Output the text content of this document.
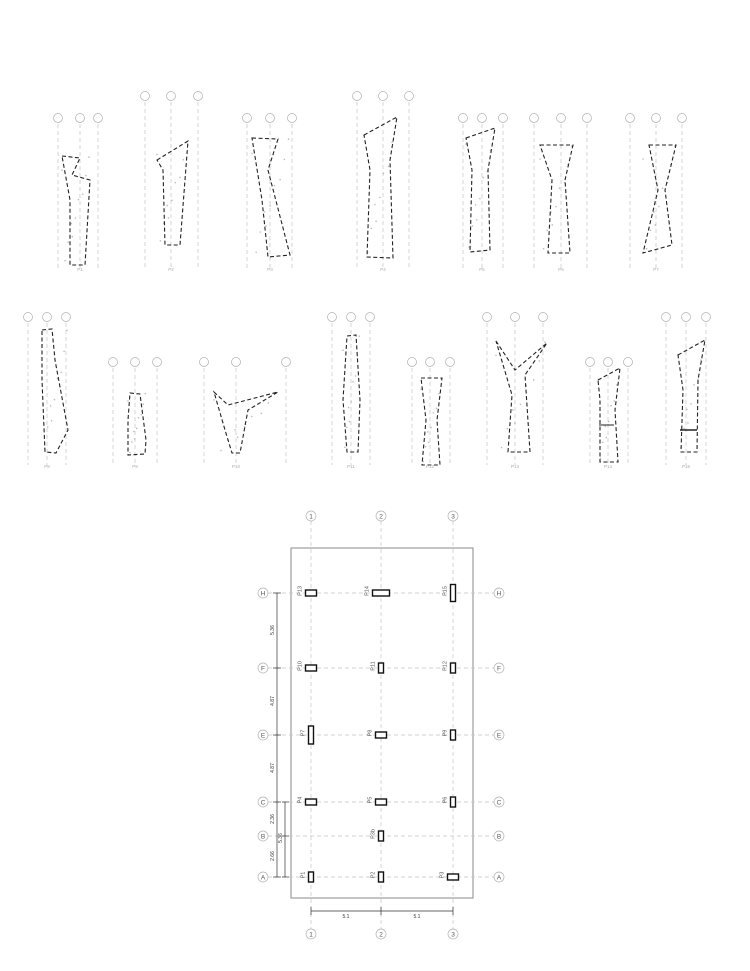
P1	P2	P3	P4	P5	P6	P7
P8	P9	P10	P11	P12	P13	P14	P15
1
1
2
2
3
3
H	H
F	F
E	E
C	C
B	B
A	A
P13	P14	P15
P10	P11	P12
P7	P8	P9
P4	P5	P6
P3b
P1	P2	P3
5.36
4.87
4.87
2.36
5.36
2.66
5.1	5.1
